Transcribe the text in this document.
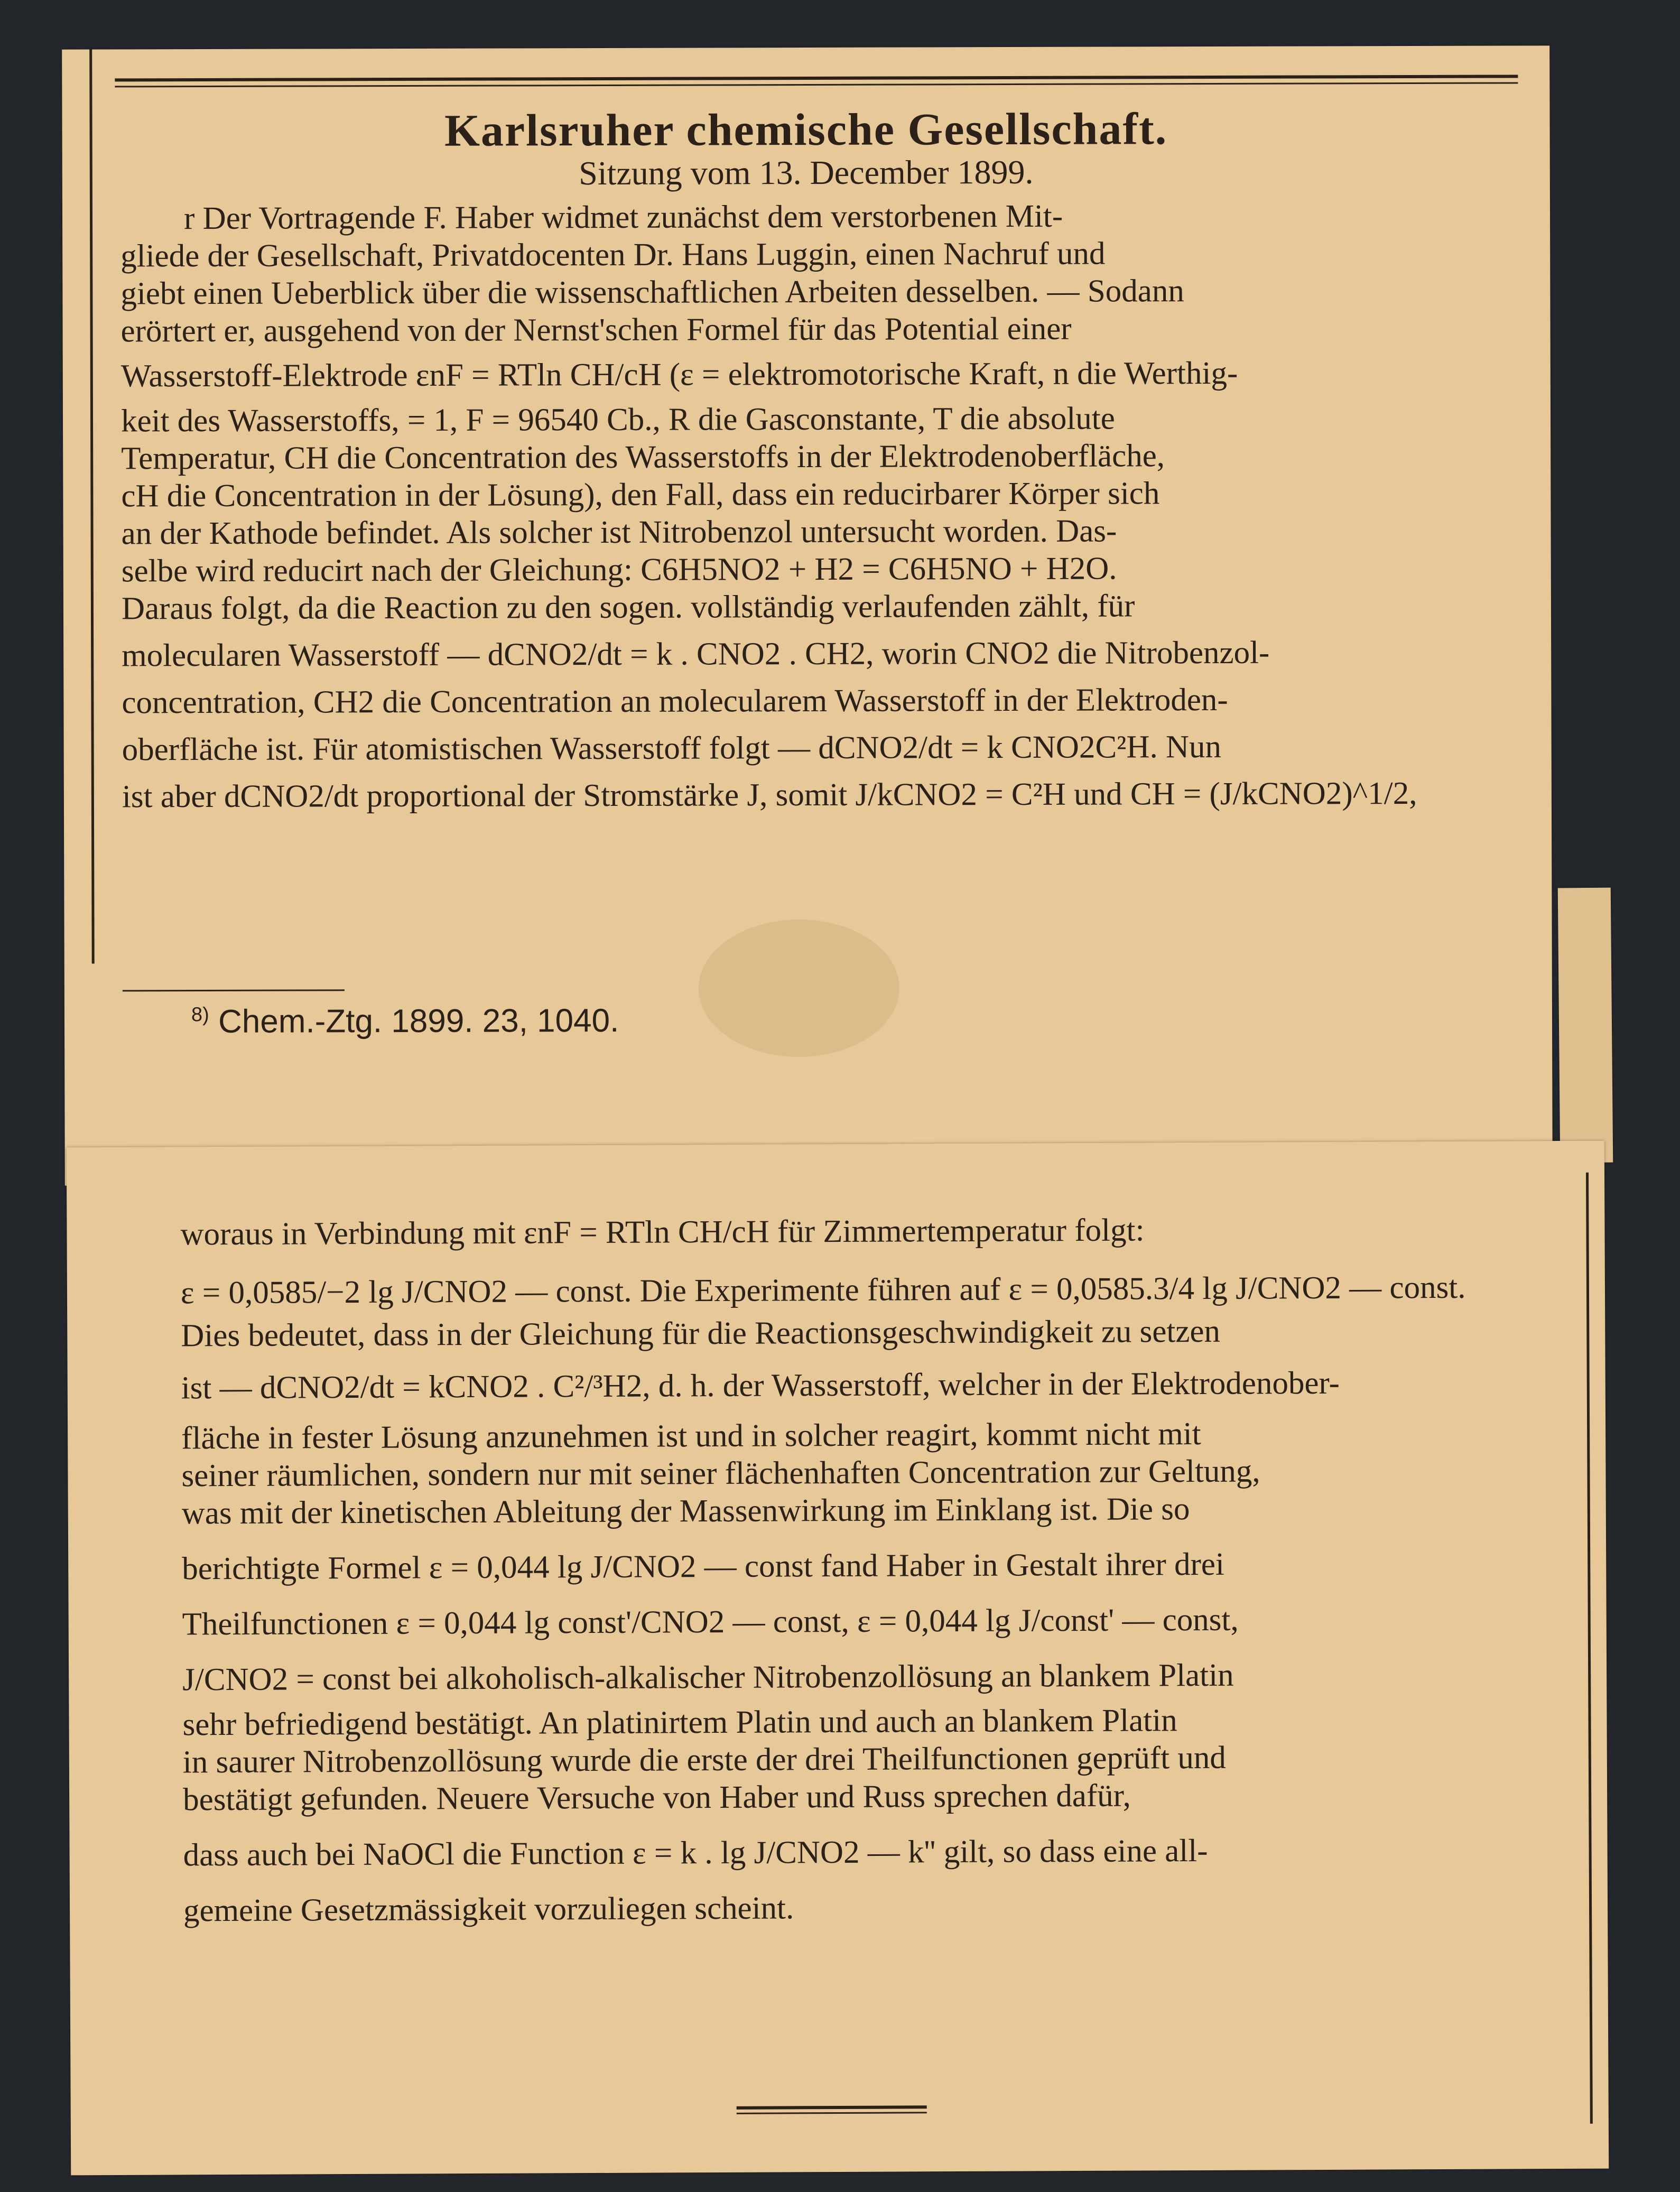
Karlsruher chemische Gesellschaft.
Sitzung vom 13. December 1899.

r Der Vortragende F. Haber widmet zunächst dem verstorbenen Mit-

gliede der Gesellschaft, Privatdocenten Dr. Hans Luggin, einen Nachruf und

giebt einen Ueberblick über die wissenschaftlichen Arbeiten desselben. — Sodann

erörtert er, ausgehend von der Nernst'schen Formel für das Potential einer

Wasserstoff-Elektrode εnF = RTln CH/cH (ε = elektromotorische Kraft, n die Werthig-

keit des Wasserstoffs, = 1, F = 96540 Cb., R die Gasconstante, T die absolute

Temperatur, CH die Concentration des Wasserstoffs in der Elektrodenoberfläche,

cH die Concentration in der Lösung), den Fall, dass ein reducirbarer Körper sich

an der Kathode befindet. Als solcher ist Nitrobenzol untersucht worden. Das-

selbe wird reducirt nach der Gleichung: C6H5NO2 + H2 = C6H5NO + H2O.

Daraus folgt, da die Reaction zu den sogen. vollständig verlaufenden zählt, für

molecularen Wasserstoff — dCNO2/dt = k . CNO2 . CH2, worin CNO2 die Nitrobenzol-

concentration, CH2 die Concentration an molecularem Wasserstoff in der Elektroden-

oberfläche ist. Für atomistischen Wasserstoff folgt — dCNO2/dt = k CNO2C²H. Nun

ist aber dCNO2/dt proportional der Stromstärke J, somit J/kCNO2 = C²H und CH = (J/kCNO2)^1/2,

$^{8)}$ Chem.-Ztg. 1899. 23, 1040.

woraus in Verbindung mit εnF = RTln CH/cH für Zimmertemperatur folgt:

ε = 0,0585/−2 lg J/CNO2 — const. Die Experimente führen auf ε = 0,0585.3/4 lg J/CNO2 — const.

Dies bedeutet, dass in der Gleichung für die Reactionsgeschwindigkeit zu setzen

ist — dCNO2/dt = kCNO2 . C²/³H2, d. h. der Wasserstoff, welcher in der Elektrodenober-

fläche in fester Lösung anzunehmen ist und in solcher reagirt, kommt nicht mit

seiner räumlichen, sondern nur mit seiner flächenhaften Concentration zur Geltung,

was mit der kinetischen Ableitung der Massenwirkung im Einklang ist. Die so

berichtigte Formel ε = 0,044 lg J/CNO2 — const fand Haber in Gestalt ihrer drei

Theilfunctionen ε = 0,044 lg const'/CNO2 — const, ε = 0,044 lg J/const' — const,

J/CNO2 = const bei alkoholisch-alkalischer Nitrobenzollösung an blankem Platin

sehr befriedigend bestätigt. An platinirtem Platin und auch an blankem Platin

in saurer Nitrobenzollösung wurde die erste der drei Theilfunctionen geprüft und

bestätigt gefunden. Neuere Versuche von Haber und Russ sprechen dafür,

dass auch bei NaOCl die Function ε = k . lg J/CNO2 — k'' gilt, so dass eine all-

gemeine Gesetzmässigkeit vorzuliegen scheint.
